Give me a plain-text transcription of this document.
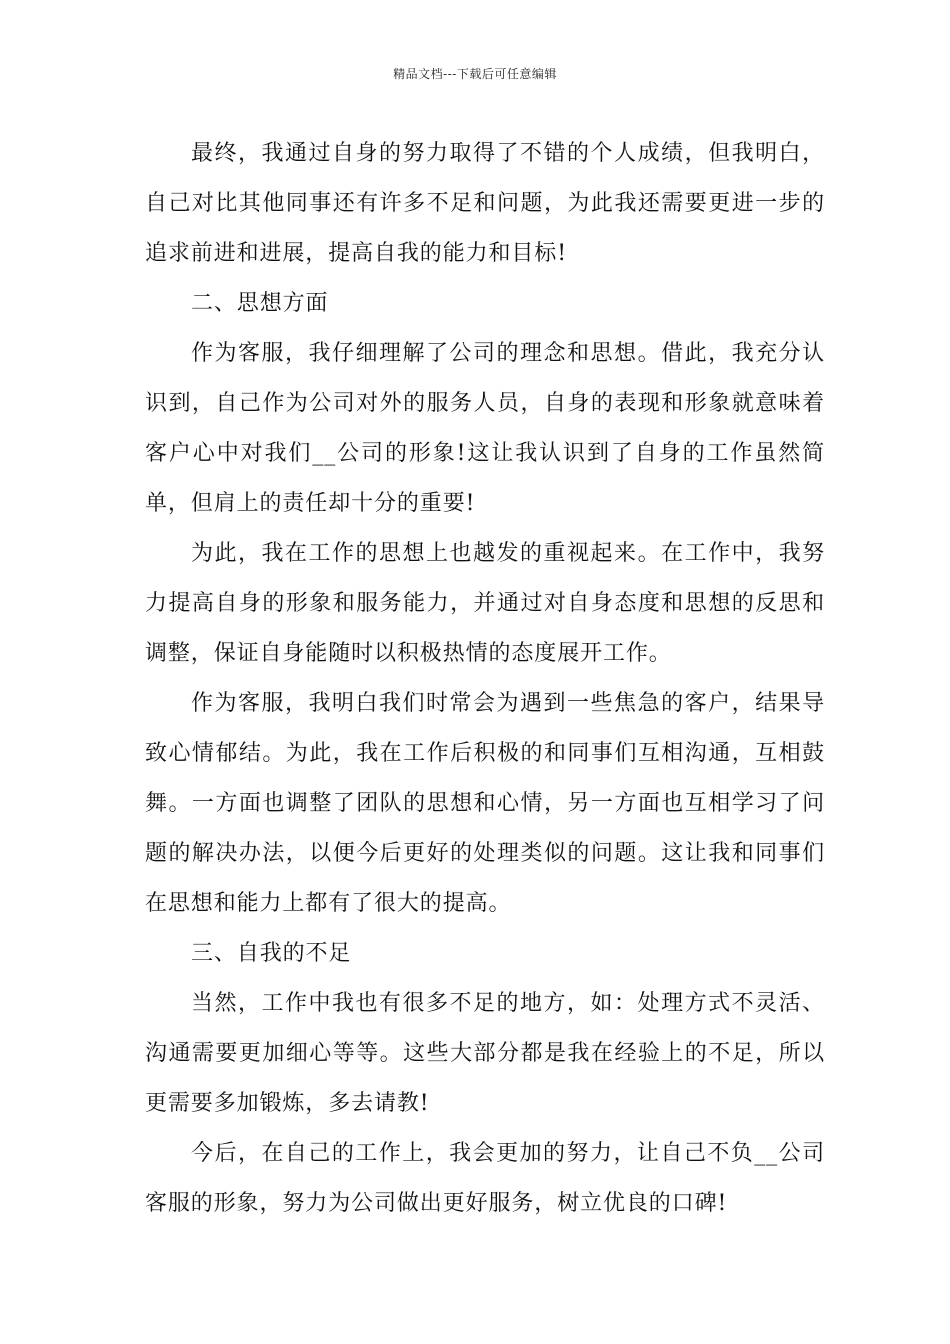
精品文档---下载后可任意编辑

最终，我通过自身的努力取得了不错的个人成绩，但我明白，自己对比其他同事还有许多不足和问题，为此我还需要更进一步的追求前进和进展，提高自我的能力和目标!

二、思想方面

作为客服，我仔细理解了公司的理念和思想。借此，我充分认识到，自己作为公司对外的服务人员，自身的表现和形象就意味着客户心中对我们__公司的形象!这让我认识到了自身的工作虽然简单，但肩上的责任却十分的重要!

为此，我在工作的思想上也越发的重视起来。在工作中，我努力提高自身的形象和服务能力，并通过对自身态度和思想的反思和调整，保证自身能随时以积极热情的态度展开工作。

作为客服，我明白我们时常会为遇到一些焦急的客户，结果导致心情郁结。为此，我在工作后积极的和同事们互相沟通，互相鼓舞。一方面也调整了团队的思想和心情，另一方面也互相学习了问题的解决办法，以便今后更好的处理类似的问题。这让我和同事们在思想和能力上都有了很大的提高。

三、自我的不足

当然，工作中我也有很多不足的地方，如：处理方式不灵活、沟通需要更加细心等等。这些大部分都是我在经验上的不足，所以更需要多加锻炼，多去请教!

今后，在自己的工作上，我会更加的努力，让自己不负__公司客服的形象，努力为公司做出更好服务，树立优良的口碑!
